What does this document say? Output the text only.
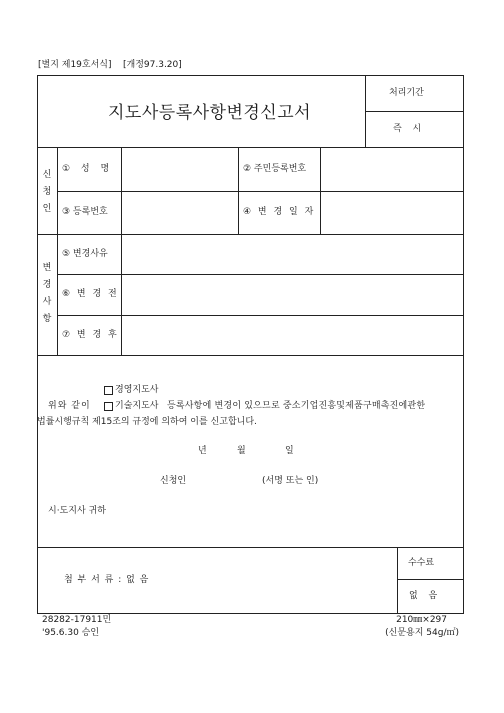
[별지 제19호서식] [개정97.3.20]
지도사등록사항변경신고서
처리기간
즉 시
신청인
① 성 명	② 주민등록번호
③ 등록번호	④ 변 경 일 자
변경사항
⑤ 변경사유
⑥ 변 경 전
⑦ 변 경 후
경영지도사
위와 같이	기술지도사 등록사항에 변경이 있으므로 중소기업진흥및제품구매촉진에관한
법률시행규칙 제15조의 규정에 의하여 이를 신고합니다.
년	월	일
신청인	(서명 또는 인)
시·도지사 귀하
첨 부 서 류 : 없 음
수수료
없 음
28282-17911민
'95.6.30 승인
210㎜×297
(신문용지 54g/㎡)
